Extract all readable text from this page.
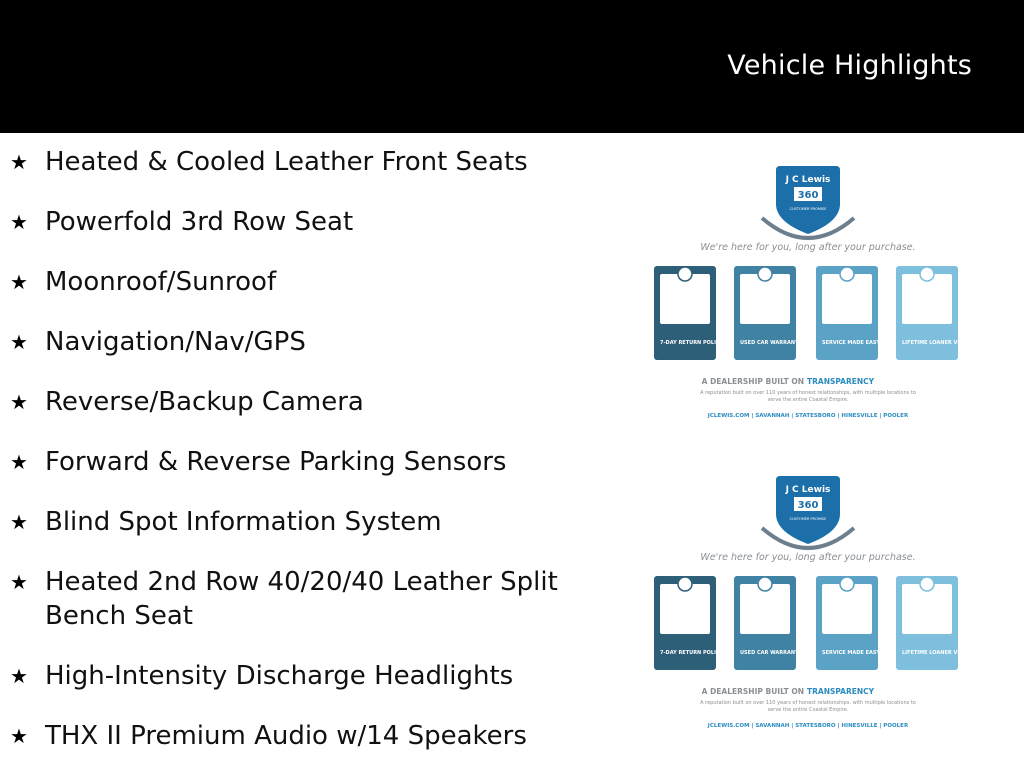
Vehicle Highlights
★ Heated & Cooled Leather Front Seats
★ Powerfold 3rd Row Seat
★ Moonroof/Sunroof
★ Navigation/Nav/GPS
★ Reverse/Backup Camera
★ Forward & Reverse Parking Sensors
★ Blind Spot Information System
★ Heated 2nd Row 40/20/40 Leather Split Bench Seat
★ High-Intensity Discharge Headlights
★ THX II Premium Audio w/14 Speakers
J C Lewis
360
CUSTOMER PROMISE
We're here for you, long after your purchase.
7-DAY RETURN POLICY	USED CAR WARRANTY	SERVICE MADE EASY	LIFETIME LOANER VEHICLE
A DEALERSHIP BUILT ON TRANSPARENCY
A reputation built on over 110 years of honest relationships, with multiple locations to
serve the entire Coastal Empire.
JCLEWIS.COM | SAVANNAH | STATESBORO | HINESVILLE | POOLER
J C Lewis
360
CUSTOMER PROMISE
We're here for you, long after your purchase.
7-DAY RETURN POLICY	USED CAR WARRANTY	SERVICE MADE EASY	LIFETIME LOANER VEHICLE
A DEALERSHIP BUILT ON TRANSPARENCY
A reputation built on over 110 years of honest relationships, with multiple locations to
serve the entire Coastal Empire.
JCLEWIS.COM | SAVANNAH | STATESBORO | HINESVILLE | POOLER
